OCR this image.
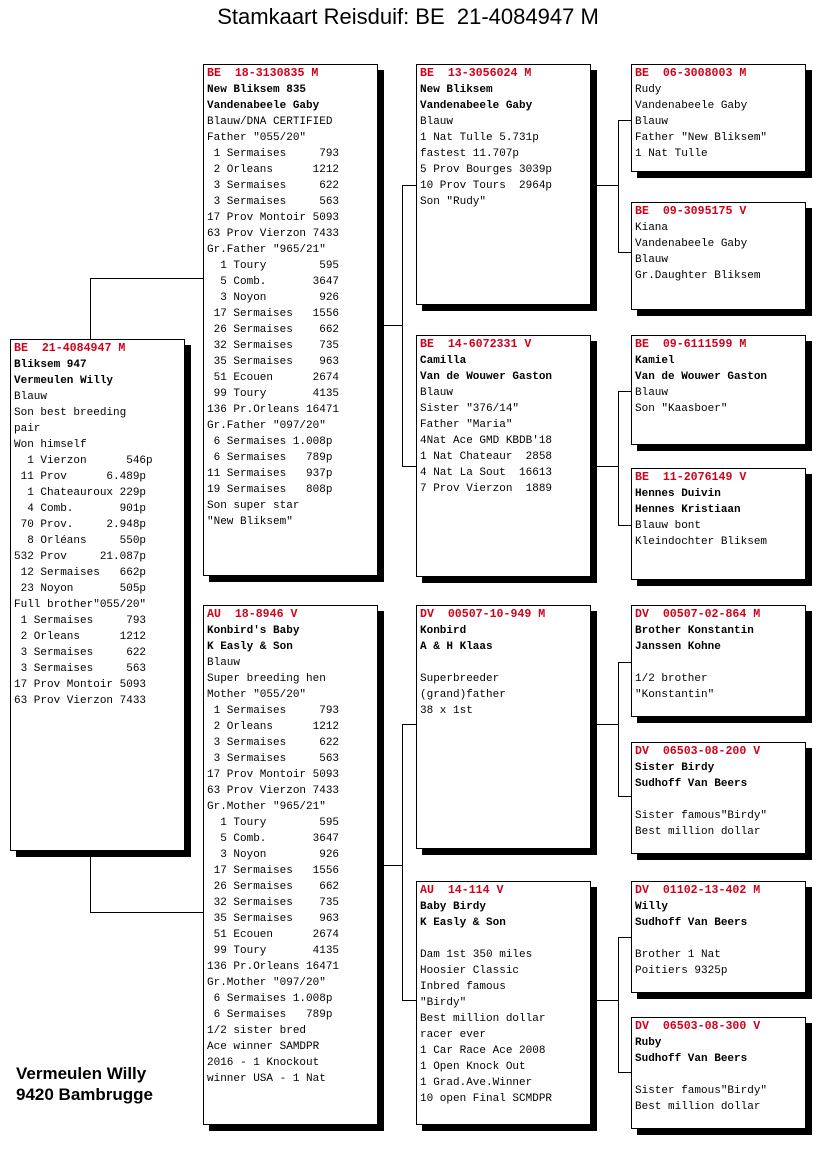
Stamkaart Reisduif: BE  21-4084947 M
BE  21-4084947 M
Bliksem 947
Vermeulen Willy
Blauw
Son best breeding
pair
Won himself
1 Vierzon      546p
11 Prov      6.489p
1 Chateauroux 229p
4 Comb.       901p
70 Prov.     2.948p
8 Orléans     550p
532 Prov     21.087p
12 Sermaises   662p
23 Noyon       505p
Full brother"055/20"
1 Sermaises     793
2 Orleans      1212
3 Sermaises     622
3 Sermaises     563
17 Prov Montoir 5093
63 Prov Vierzon 7433
BE  18-3130835 M
New Bliksem 835
Vandenabeele Gaby
Blauw/DNA CERTIFIED
Father "055/20"
1 Sermaises     793
2 Orleans      1212
3 Sermaises     622
3 Sermaises     563
17 Prov Montoir 5093
63 Prov Vierzon 7433
Gr.Father "965/21"
1 Toury        595
5 Comb.       3647
3 Noyon        926
17 Sermaises   1556
26 Sermaises    662
32 Sermaises    735
35 Sermaises    963
51 Ecouen      2674
99 Toury       4135
136 Pr.Orleans 16471
Gr.Father "097/20"
6 Sermaises 1.008p
6 Sermaises   789p
11 Sermaises   937p
19 Sermaises   808p
Son super star
"New Bliksem"
AU  18-8946 V
Konbird's Baby
K Easly & Son
Blauw
Super breeding hen
Mother "055/20"
1 Sermaises     793
2 Orleans      1212
3 Sermaises     622
3 Sermaises     563
17 Prov Montoir 5093
63 Prov Vierzon 7433
Gr.Mother "965/21"
1 Toury        595
5 Comb.       3647
3 Noyon        926
17 Sermaises   1556
26 Sermaises    662
32 Sermaises    735
35 Sermaises    963
51 Ecouen      2674
99 Toury       4135
136 Pr.Orleans 16471
Gr.Mother "097/20"
6 Sermaises 1.008p
6 Sermaises   789p
1/2 sister bred
Ace winner SAMDPR
2016 - 1 Knockout
winner USA - 1 Nat
BE  13-3056024 M
New Bliksem
Vandenabeele Gaby
Blauw
1 Nat Tulle 5.731p
fastest 11.707p
5 Prov Bourges 3039p
10 Prov Tours  2964p
Son "Rudy"
BE  14-6072331 V
Camilla
Van de Wouwer Gaston
Blauw
Sister "376/14"
Father "Maria"
4Nat Ace GMD KBDB'18
1 Nat Chateaur  2858
4 Nat La Sout  16613
7 Prov Vierzon  1889
DV  00507-10-949 M
Konbird
A & H Klaas
Superbreeder
(grand)father
38 x 1st
AU  14-114 V
Baby Birdy
K Easly & Son
Dam 1st 350 miles
Hoosier Classic
Inbred famous
"Birdy"
Best million dollar
racer ever
1 Car Race Ace 2008
1 Open Knock Out
1 Grad.Ave.Winner
10 open Final SCMDPR
BE  06-3008003 M
Rudy
Vandenabeele Gaby
Blauw
Father "New Bliksem"
1 Nat Tulle
BE  09-3095175 V
Kiana
Vandenabeele Gaby
Blauw
Gr.Daughter Bliksem
BE  09-6111599 M
Kamiel
Van de Wouwer Gaston
Blauw
Son "Kaasboer"
BE  11-2076149 V
Hennes Duivin
Hennes Kristiaan
Blauw bont
Kleindochter Bliksem
DV  00507-02-864 M
Brother Konstantin
Janssen Kohne
1/2 brother
"Konstantin"
DV  06503-08-200 V
Sister Birdy
Sudhoff Van Beers
Sister famous"Birdy"
Best million dollar
DV  01102-13-402 M
Willy
Sudhoff Van Beers
Brother 1 Nat
Poitiers 9325p
DV  06503-08-300 V
Ruby
Sudhoff Van Beers
Sister famous"Birdy"
Best million dollar
Vermeulen Willy
9420 Bambrugge
